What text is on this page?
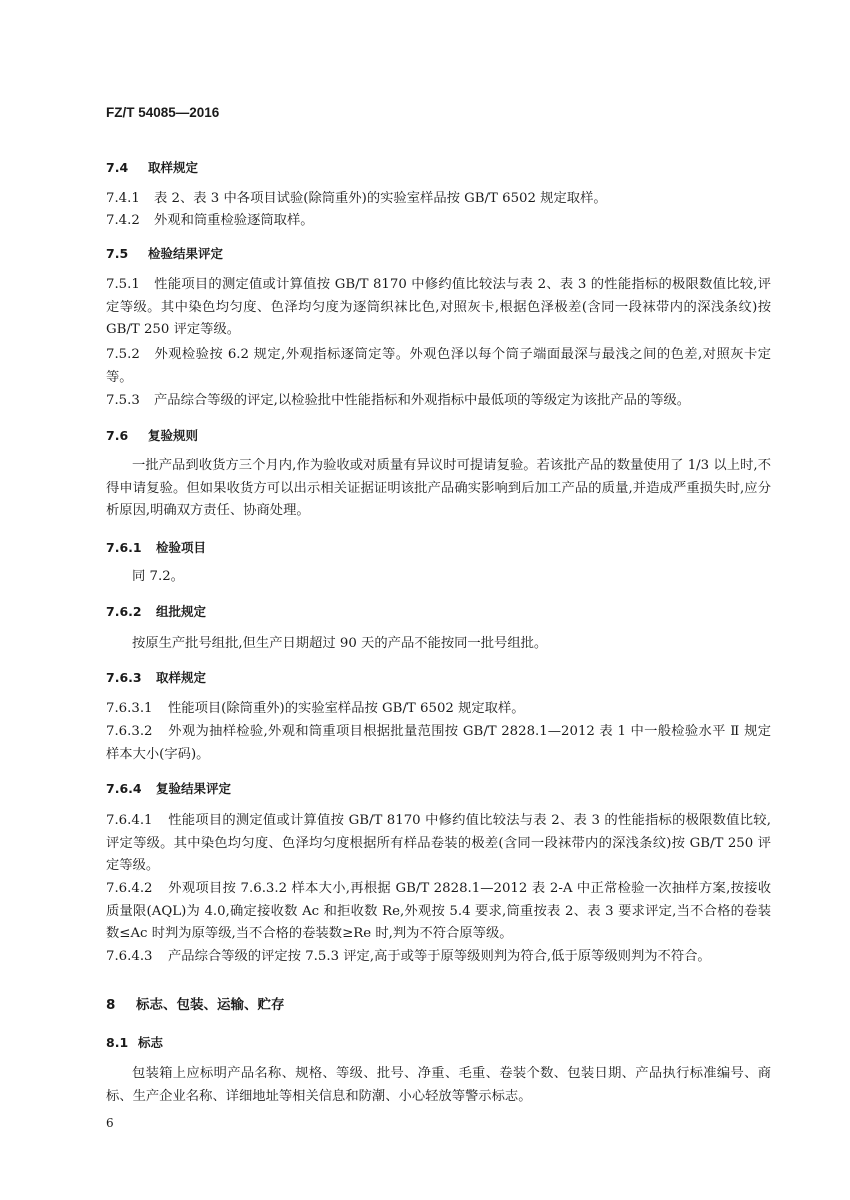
FZ/T 54085—2016
7.4 取样规定
7.4.1 表 2、表 3 中各项目试验(除筒重外)的实验室样品按 GB/T 6502 规定取样。
7.4.2 外观和筒重检验逐筒取样。
7.5 检验结果评定
7.5.1 性能项目的测定值或计算值按 GB/T 8170 中修约值比较法与表 2、表 3 的性能指标的极限数值比较,评定等级。其中染色均匀度、色泽均匀度为逐筒织袜比色,对照灰卡,根据色泽极差(含同一段袜带内的深浅条纹)按 GB/T 250 评定等级。
7.5.2 外观检验按 6.2 规定,外观指标逐筒定等。外观色泽以每个筒子端面最深与最浅之间的色差,对照灰卡定等。
7.5.3 产品综合等级的评定,以检验批中性能指标和外观指标中最低项的等级定为该批产品的等级。
7.6 复验规则
一批产品到收货方三个月内,作为验收或对质量有异议时可提请复验。若该批产品的数量使用了 1/3 以上时,不得申请复验。但如果收货方可以出示相关证据证明该批产品确实影响到后加工产品的质量,并造成严重损失时,应分析原因,明确双方责任、协商处理。
7.6.1 检验项目
同 7.2。
7.6.2 组批规定
按原生产批号组批,但生产日期超过 90 天的产品不能按同一批号组批。
7.6.3 取样规定
7.6.3.1 性能项目(除筒重外)的实验室样品按 GB/T 6502 规定取样。
7.6.3.2 外观为抽样检验,外观和筒重项目根据批量范围按 GB/T 2828.1—2012 表 1 中一般检验水平 Ⅱ 规定样本大小(字码)。
7.6.4 复验结果评定
7.6.4.1 性能项目的测定值或计算值按 GB/T 8170 中修约值比较法与表 2、表 3 的性能指标的极限数值比较,评定等级。其中染色均匀度、色泽均匀度根据所有样品卷装的极差(含同一段袜带内的深浅条纹)按 GB/T 250 评定等级。
7.6.4.2 外观项目按 7.6.3.2 样本大小,再根据 GB/T 2828.1—2012 表 2-A 中正常检验一次抽样方案,按接收质量限(AQL)为 4.0,确定接收数 Ac 和拒收数 Re,外观按 5.4 要求,筒重按表 2、表 3 要求评定,当不合格的卷装数≤Ac 时判为原等级,当不合格的卷装数≥Re 时,判为不符合原等级。
7.6.4.3 产品综合等级的评定按 7.5.3 评定,高于或等于原等级则判为符合,低于原等级则判为不符合。
8 标志、包装、运输、贮存
8.1 标志
包装箱上应标明产品名称、规格、等级、批号、净重、毛重、卷装个数、包装日期、产品执行标准编号、商标、生产企业名称、详细地址等相关信息和防潮、小心轻放等警示标志。
6
